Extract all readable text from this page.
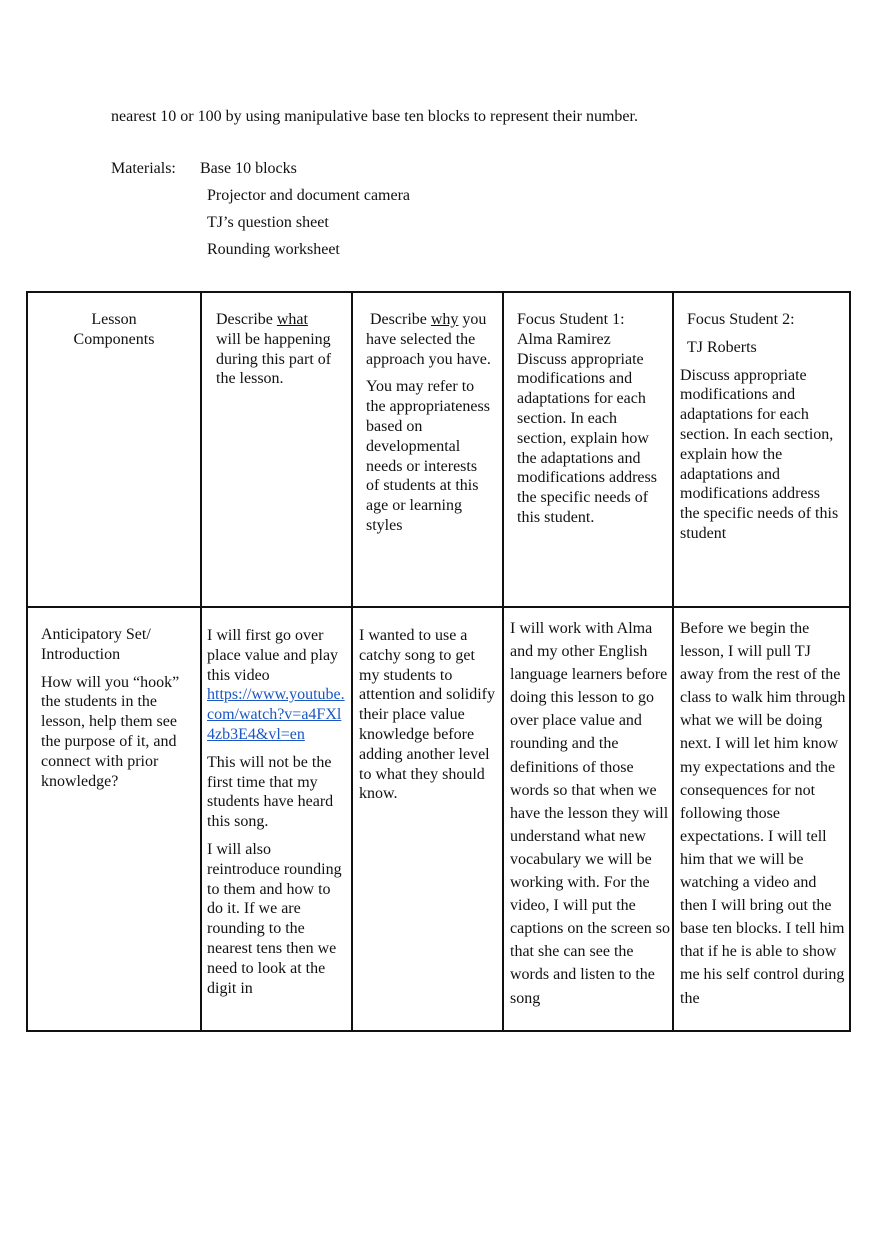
nearest 10 or 100 by using manipulative base ten blocks to represent their number.
Materials: Base 10 blocks
Projector and document camera
TJ’s question sheet
Rounding worksheet

Lesson

Components

Describe what will be happening during this part of the lesson.

Describe why you have selected the approach you have.

You may refer to the appropriateness based on developmental needs or interests of students at this age or learning styles

Focus Student 1:

Alma Ramirez

Discuss appropriate modifications and adaptations for each section. In each section, explain how the adaptations and modifications address the specific needs of this student.

Focus Student 2:

TJ Roberts

Discuss appropriate modifications and adaptations for each section. In each section, explain how the adaptations and modifications address the specific needs of this student

Anticipatory Set/ Introduction

How will you “hook” the students in the lesson, help them see the purpose of it, and connect with prior knowledge?

I will first go over place value and play this video

https://www.youtube.com/watch?v=a4FXl4zb3E4&vl=en

This will not be the first time that my students have heard this song.

I will also reintroduce rounding to them and how to do it. If we are rounding to the nearest tens then we need to look at the digit in

I wanted to use a catchy song to get my students to attention and solidify their place value knowledge before adding another level to what they should know.

I will work with Alma and my other English language learners before doing this lesson to go over place value and rounding and the definitions of those words so that when we have the lesson they will understand what new vocabulary we will be working with. For the video, I will put the captions on the screen so that she can see the words and listen to the song

Before we begin the lesson, I will pull TJ away from the rest of the class to walk him through what we will be doing next. I will let him know my expectations and the consequences for not following those expectations. I will tell him that we will be watching a video and then I will bring out the base ten blocks. I tell him that if he is able to show me his self control during the
